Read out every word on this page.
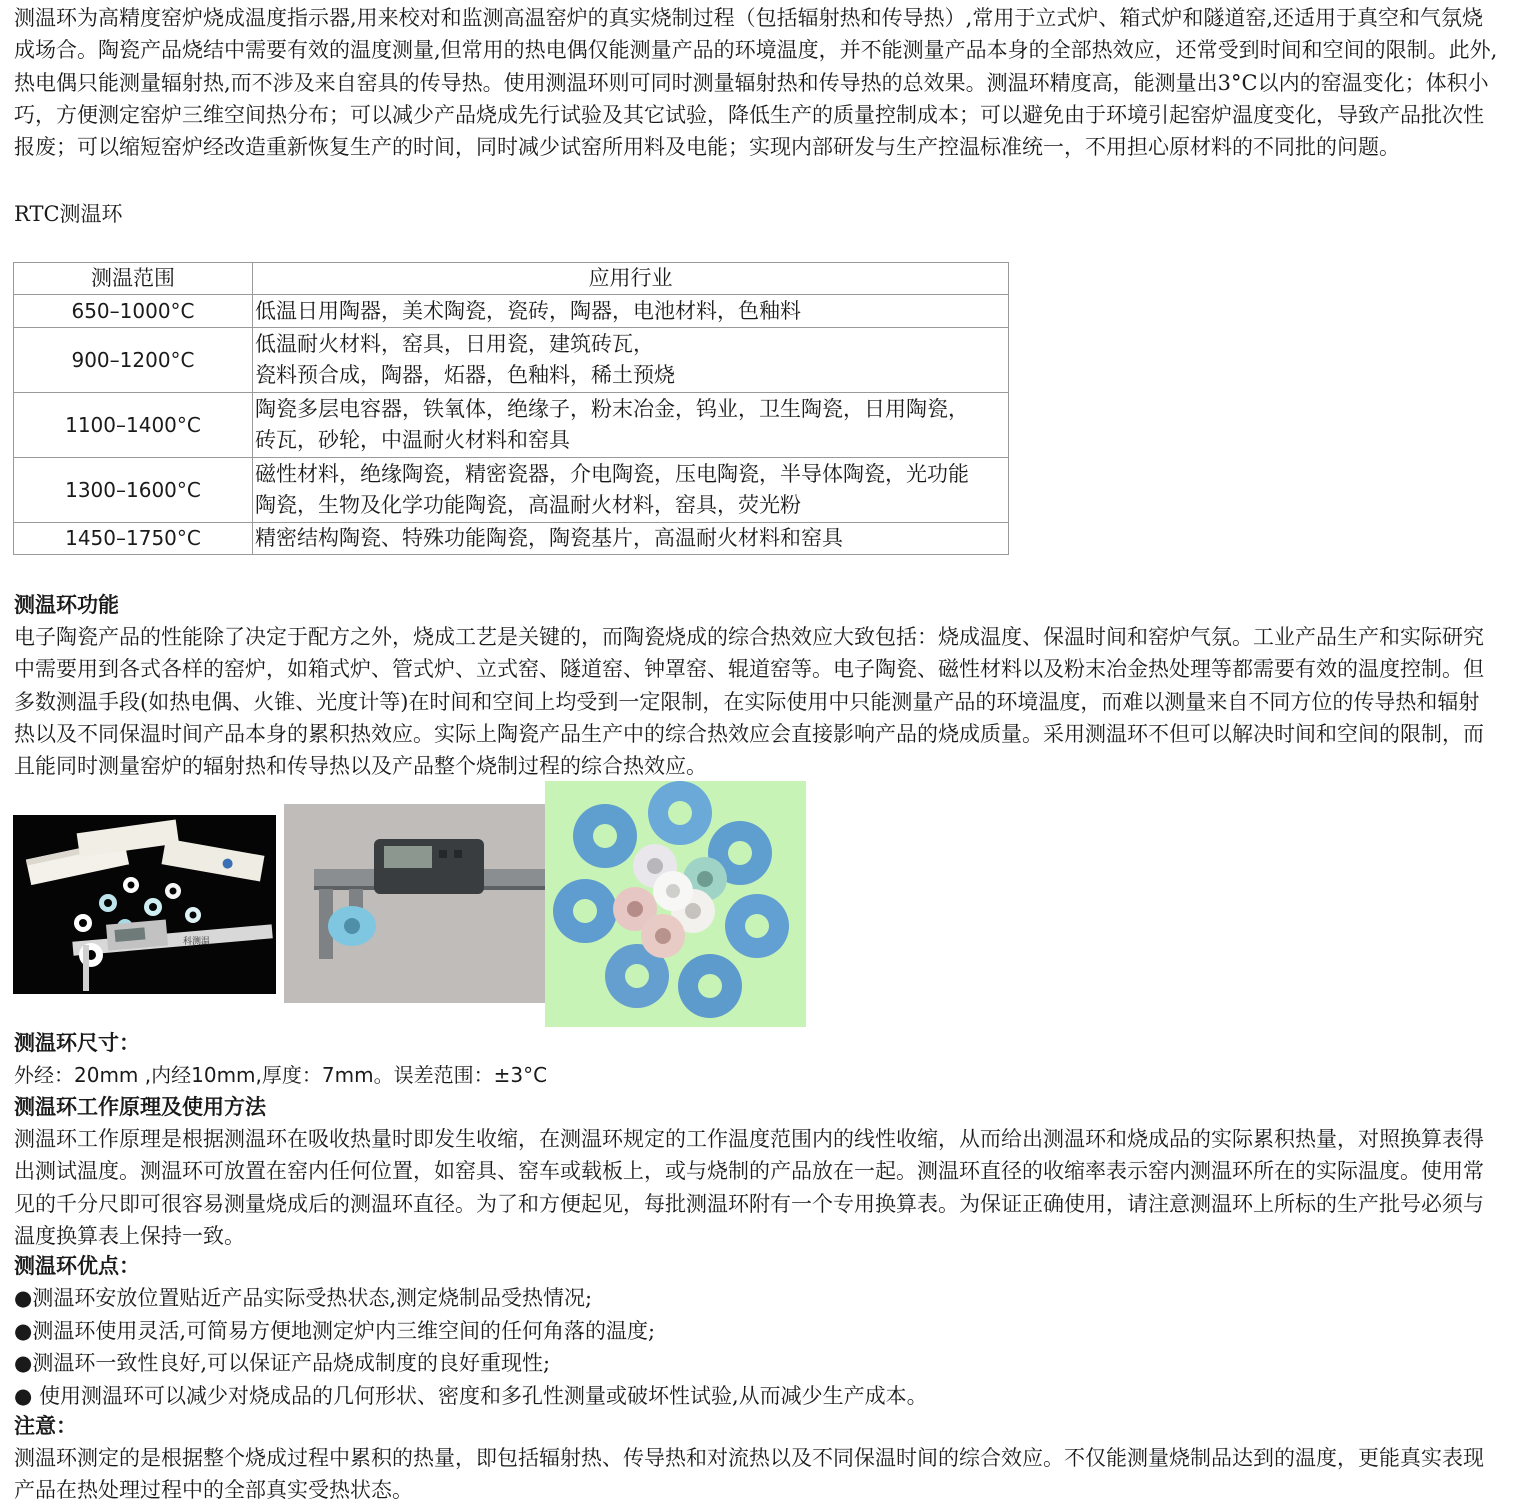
测温环为高精度窑炉烧成温度指示器,用来校对和监测高温窑炉的真实烧制过程（包括辐射热和传导热）,常用于立式炉、箱式炉和隧道窑,还适用于真空和气氛烧成场合。陶瓷产品烧结中需要有效的温度测量,但常用的热电偶仅能测量产品的环境温度，并不能测量产品本身的全部热效应，还常受到时间和空间的限制。此外,热电偶只能测量辐射热,而不涉及来自窑具的传导热。使用测温环则可同时测量辐射热和传导热的总效果。测温环精度高，能测量出3°C以内的窑温变化；体积小巧，方便测定窑炉三维空间热分布；可以减少产品烧成先行试验及其它试验，降低生产的质量控制成本；可以避免由于环境引起窑炉温度变化，导致产品批次性报废；可以缩短窑炉经改造重新恢复生产的时间，同时减少试窑所用料及电能；实现内部研发与生产控温标准统一，不用担心原材料的不同批的问题。

RTC测温环

测温范围	应用行业
650–1000°C	低温日用陶器，美术陶瓷，瓷砖，陶器，电池材料，色釉料
900–1200°C	低温耐火材料，窑具，日用瓷，建筑砖瓦，
瓷料预合成，陶器，炻器，色釉料，稀土预烧
1100–1400°C	陶瓷多层电容器，铁氧体，绝缘子，粉末冶金，钨业，卫生陶瓷，日用陶瓷，
砖瓦，砂轮，中温耐火材料和窑具
1300–1600°C	磁性材料，绝缘陶瓷，精密瓷器，介电陶瓷，压电陶瓷，半导体陶瓷，光功能
陶瓷，生物及化学功能陶瓷，高温耐火材料，窑具，荧光粉
1450–1750°C	精密结构陶瓷、特殊功能陶瓷，陶瓷基片，高温耐火材料和窑具

测温环功能

电子陶瓷产品的性能除了决定于配方之外，烧成工艺是关键的，而陶瓷烧成的综合热效应大致包括：烧成温度、保温时间和窑炉气氛。工业产品生产和实际研究中需要用到各式各样的窑炉，如箱式炉、管式炉、立式窑、隧道窑、钟罩窑、辊道窑等。电子陶瓷、磁性材料以及粉末冶金热处理等都需要有效的温度控制。但多数测温手段(如热电偶、火锥、光度计等)在时间和空间上均受到一定限制，在实际使用中只能测量产品的环境温度，而难以测量来自不同方位的传导热和辐射热以及不同保温时间产品本身的累积热效应。实际上陶瓷产品生产中的综合热效应会直接影响产品的烧成质量。采用测温环不但可以解决时间和空间的限制，而且能同时测量窑炉的辐射热和传导热以及产品整个烧制过程的综合热效应。

科测温

测温环尺寸：

外经：20mm ,内经10mm,厚度：7mm。误差范围：±3°C

测温环工作原理及使用方法

测温环工作原理是根据测温环在吸收热量时即发生收缩，在测温环规定的工作温度范围内的线性收缩，从而给出测温环和烧成品的实际累积热量，对照换算表得出测试温度。测温环可放置在窑内任何位置，如窑具、窑车或载板上，或与烧制的产品放在一起。测温环直径的收缩率表示窑内测温环所在的实际温度。使用常见的千分尺即可很容易测量烧成后的测温环直径。为了和方便起见，每批测温环附有一个专用换算表。为保证正确使用，请注意测温环上所标的生产批号必须与温度换算表上保持一致。

测温环优点：

●测温环安放位置贴近产品实际受热状态,测定烧制品受热情况;
●测温环使用灵活,可简易方便地测定炉内三维空间的任何角落的温度;
●测温环一致性良好,可以保证产品烧成制度的良好重现性;
● 使用测温环可以减少对烧成品的几何形状、密度和多孔性测量或破坏性试验,从而减少生产成本。

注意：

测温环测定的是根据整个烧成过程中累积的热量，即包括辐射热、传导热和对流热以及不同保温时间的综合效应。不仅能测量烧制品达到的温度，更能真实表现产品在热处理过程中的全部真实受热状态。
